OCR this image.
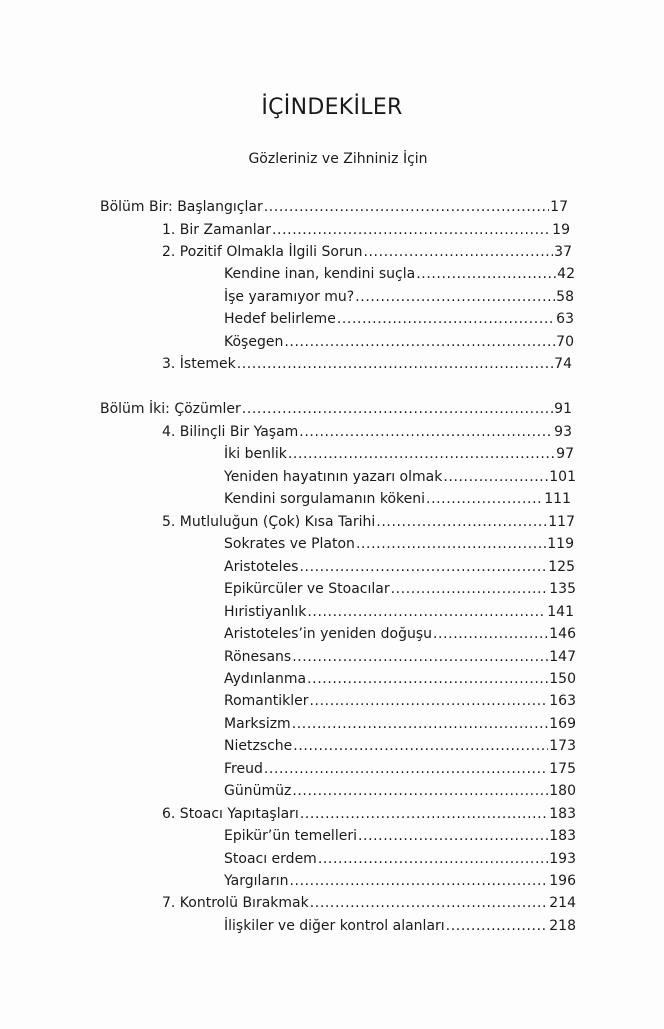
İÇİNDEKİLER
Gözleriniz ve Zihniniz İçin
Bölüm Bir: Başlangıçlar .....	17
1. Bir Zamanlar .....	19
2. Pozitif Olmakla İlgili Sorun .....	37
Kendine inan, kendini suçla .....	42
İşe yaramıyor mu? .....	58
Hedef belirleme .....	63
Köşegen .....	70
3. İstemek .....	74
Bölüm İki: Çözümler .....	91
4. Bilinçli Bir Yaşam .....	93
İki benlik .....	97
Yeniden hayatının yazarı olmak .....	101
Kendini sorgulamanın kökeni .....	111
5. Mutluluğun (Çok) Kısa Tarihi .....	117
Sokrates ve Platon .....	119
Aristoteles .....	125
Epikürcüler ve Stoacılar .....	135
Hıristiyanlık .....	141
Aristoteles’in yeniden doğuşu .....	146
Rönesans .....	147
Aydınlanma .....	150
Romantikler .....	163
Marksizm .....	169
Nietzsche .....	173
Freud .....	175
Günümüz .....	180
6. Stoacı Yapıtaşları .....	183
Epikür’ün temelleri .....	183
Stoacı erdem .....	193
Yargıların .....	196
7. Kontrolü Bırakmak .....	214
İlişkiler ve diğer kontrol alanları .....	218
